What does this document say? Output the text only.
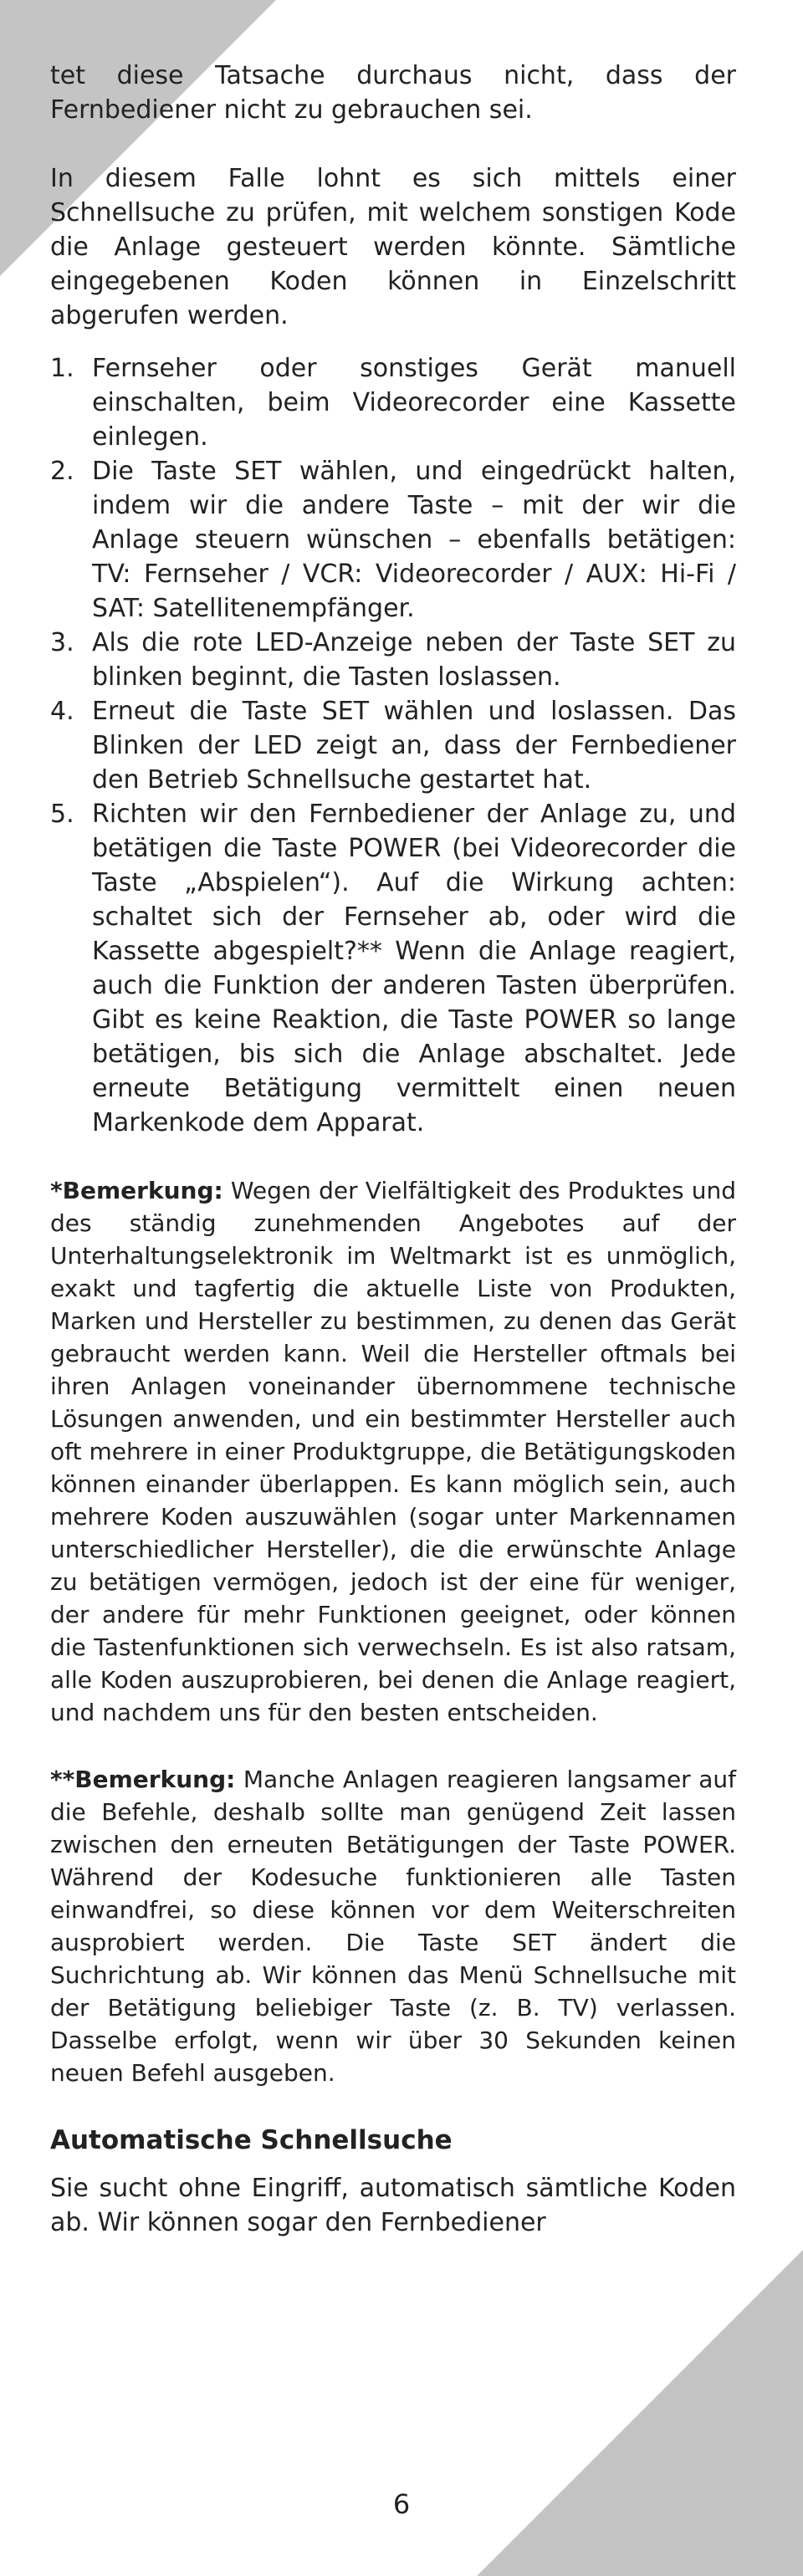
tet diese Tatsache durchaus nicht, dass der Fernbediener nicht zu gebrauchen sei.

In diesem Falle lohnt es sich mittels einer Schnellsuche zu prüfen, mit welchem sonstigen Kode die Anlage gesteuert werden könnte. Sämtliche eingegebenen Koden können in Einzelschritt abgerufen werden.

1. Fernseher oder sonstiges Gerät manuell einschalten, beim Videorecorder eine Kassette einlegen.
2. Die Taste SET wählen, und eingedrückt halten, indem wir die andere Taste – mit der wir die Anlage steuern wünschen – ebenfalls betätigen: TV: Fernseher / VCR: Videorecorder / AUX: Hi-Fi / SAT: Satellitenempfänger.
3. Als die rote LED-Anzeige neben der Taste SET zu blinken beginnt, die Tasten loslassen.
4. Erneut die Taste SET wählen und loslassen. Das Blinken der LED zeigt an, dass der Fernbediener den Betrieb Schnellsuche gestartet hat.
5. Richten wir den Fernbediener der Anlage zu, und betätigen die Taste POWER (bei Videorecorder die Taste „Abspielen“). Auf die Wirkung achten: schaltet sich der Fernseher ab, oder wird die Kassette abgespielt?** Wenn die Anlage reagiert, auch die Funktion der anderen Tasten überprüfen. Gibt es keine Reaktion, die Taste POWER so lange betätigen, bis sich die Anlage abschaltet. Jede erneute Betätigung vermittelt einen neuen Markenkode dem Apparat.

*Bemerkung: Wegen der Vielfältigkeit des Produktes und des ständig zunehmenden Angebotes auf der Unterhaltungselektronik im Weltmarkt ist es unmöglich, exakt und tagfertig die aktuelle Liste von Produkten, Marken und Hersteller zu bestimmen, zu denen das Gerät gebraucht werden kann. Weil die Hersteller oftmals bei ihren Anlagen voneinander übernommene technische Lösungen anwenden, und ein bestimmter Hersteller auch oft mehrere in einer Produktgruppe, die Betätigungskoden können einander überlappen. Es kann möglich sein, auch mehrere Koden auszuwählen (sogar unter Markennamen unterschiedlicher Hersteller), die die erwünschte Anlage zu betätigen vermögen, jedoch ist der eine für weniger, der andere für mehr Funktionen geeignet, oder können die Tastenfunktionen sich verwechseln. Es ist also ratsam, alle Koden auszuprobieren, bei denen die Anlage reagiert, und nachdem uns für den besten entscheiden.

**Bemerkung: Manche Anlagen reagieren langsamer auf die Befehle, deshalb sollte man genügend Zeit lassen zwischen den erneuten Betätigungen der Taste POWER. Während der Kodesuche funktionieren alle Tasten einwandfrei, so diese können vor dem Weiterschreiten ausprobiert werden. Die Taste SET ändert die Suchrichtung ab. Wir können das Menü Schnellsuche mit der Betätigung beliebiger Taste (z. B. TV) verlassen. Dasselbe erfolgt, wenn wir über 30 Sekunden keinen neuen Befehl ausgeben.

Automatische Schnellsuche

Sie sucht ohne Eingriff, automatisch sämtliche Koden ab. Wir können sogar den Fernbediener

6
